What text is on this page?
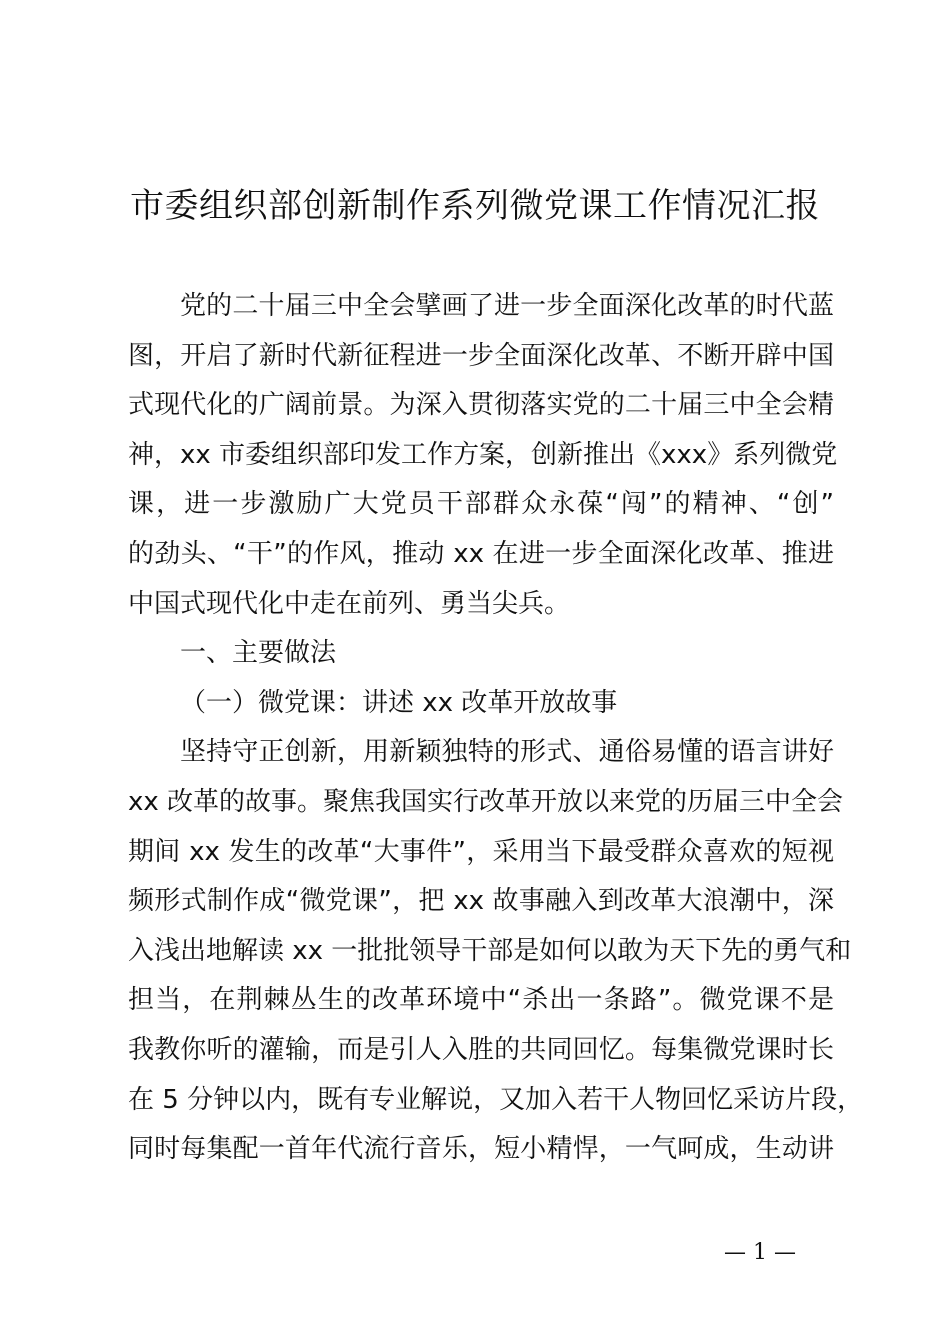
市委组织部创新制作系列微党课工作情况汇报
党的二十届三中全会擘画了进一步全面深化改革的时代蓝
图，开启了新时代新征程进一步全面深化改革、不断开辟中国
式现代化的广阔前景。为深入贯彻落实党的二十届三中全会精
神，xx 市委组织部印发工作方案，创新推出《xxx》系列微党
课，进一步激励广大党员干部群众永葆“闯”的精神、“创”
的劲头、“干”的作风，推动 xx 在进一步全面深化改革、推进
中国式现代化中走在前列、勇当尖兵。
一、主要做法
（一）微党课：讲述 xx 改革开放故事
坚持守正创新，用新颖独特的形式、通俗易懂的语言讲好
xx 改革的故事。聚焦我国实行改革开放以来党的历届三中全会
期间 xx 发生的改革“大事件”，采用当下最受群众喜欢的短视
频形式制作成“微党课”，把 xx 故事融入到改革大浪潮中，深
入浅出地解读 xx 一批批领导干部是如何以敢为天下先的勇气和
担当，在荆棘丛生的改革环境中“杀出一条路”。微党课不是
我教你听的灌输，而是引人入胜的共同回忆。每集微党课时长
在 5 分钟以内，既有专业解说，又加入若干人物回忆采访片段，
同时每集配一首年代流行音乐，短小精悍，一气呵成，生动讲
— 1 —
